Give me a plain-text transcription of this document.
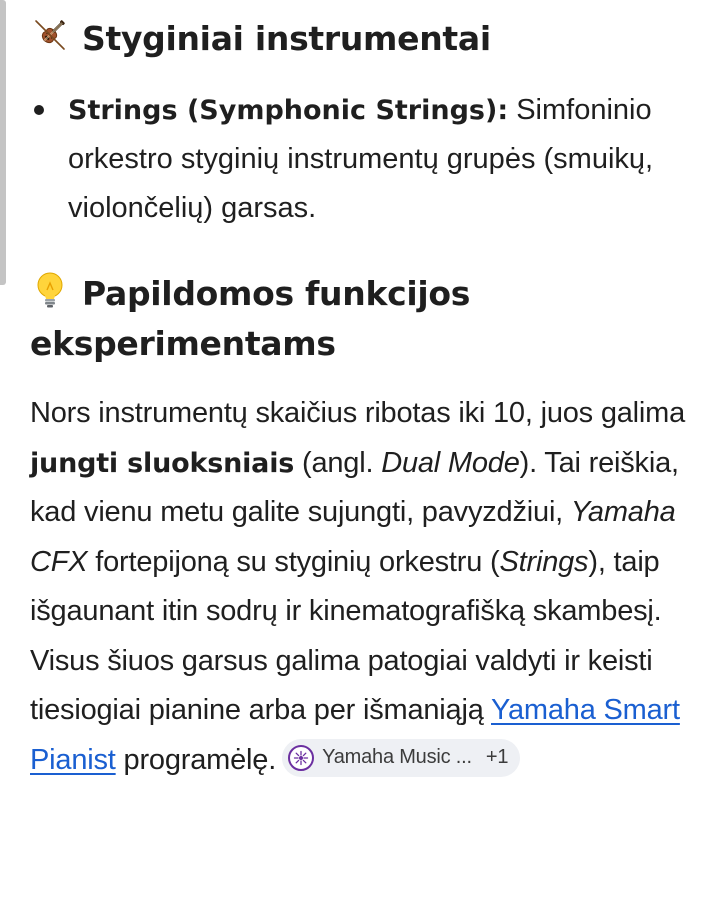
Styginiai instrumentai
Strings (Symphonic Strings): Simfoninio orkestro styginių instrumentų grupės (smuikų, violončelių) garsas.
Papildomos funkcijos eksperimentams

Nors instrumentų skaičius ribotas iki 10, juos galima jungti sluoksniais (angl. Dual Mode). Tai reiškia, kad vienu metu galite sujungti, pavyzdžiui, Yamaha CFX fortepijoną su styginių orkestru (Strings), taip išgaunant itin sodrų ir kinematografišką skambesį. Visus šiuos garsus galima patogiai valdyti ir keisti tiesiogiai pianine arba per išmaniąją Yamaha Smart Pianist programėlę. Yamaha Music ... +1
